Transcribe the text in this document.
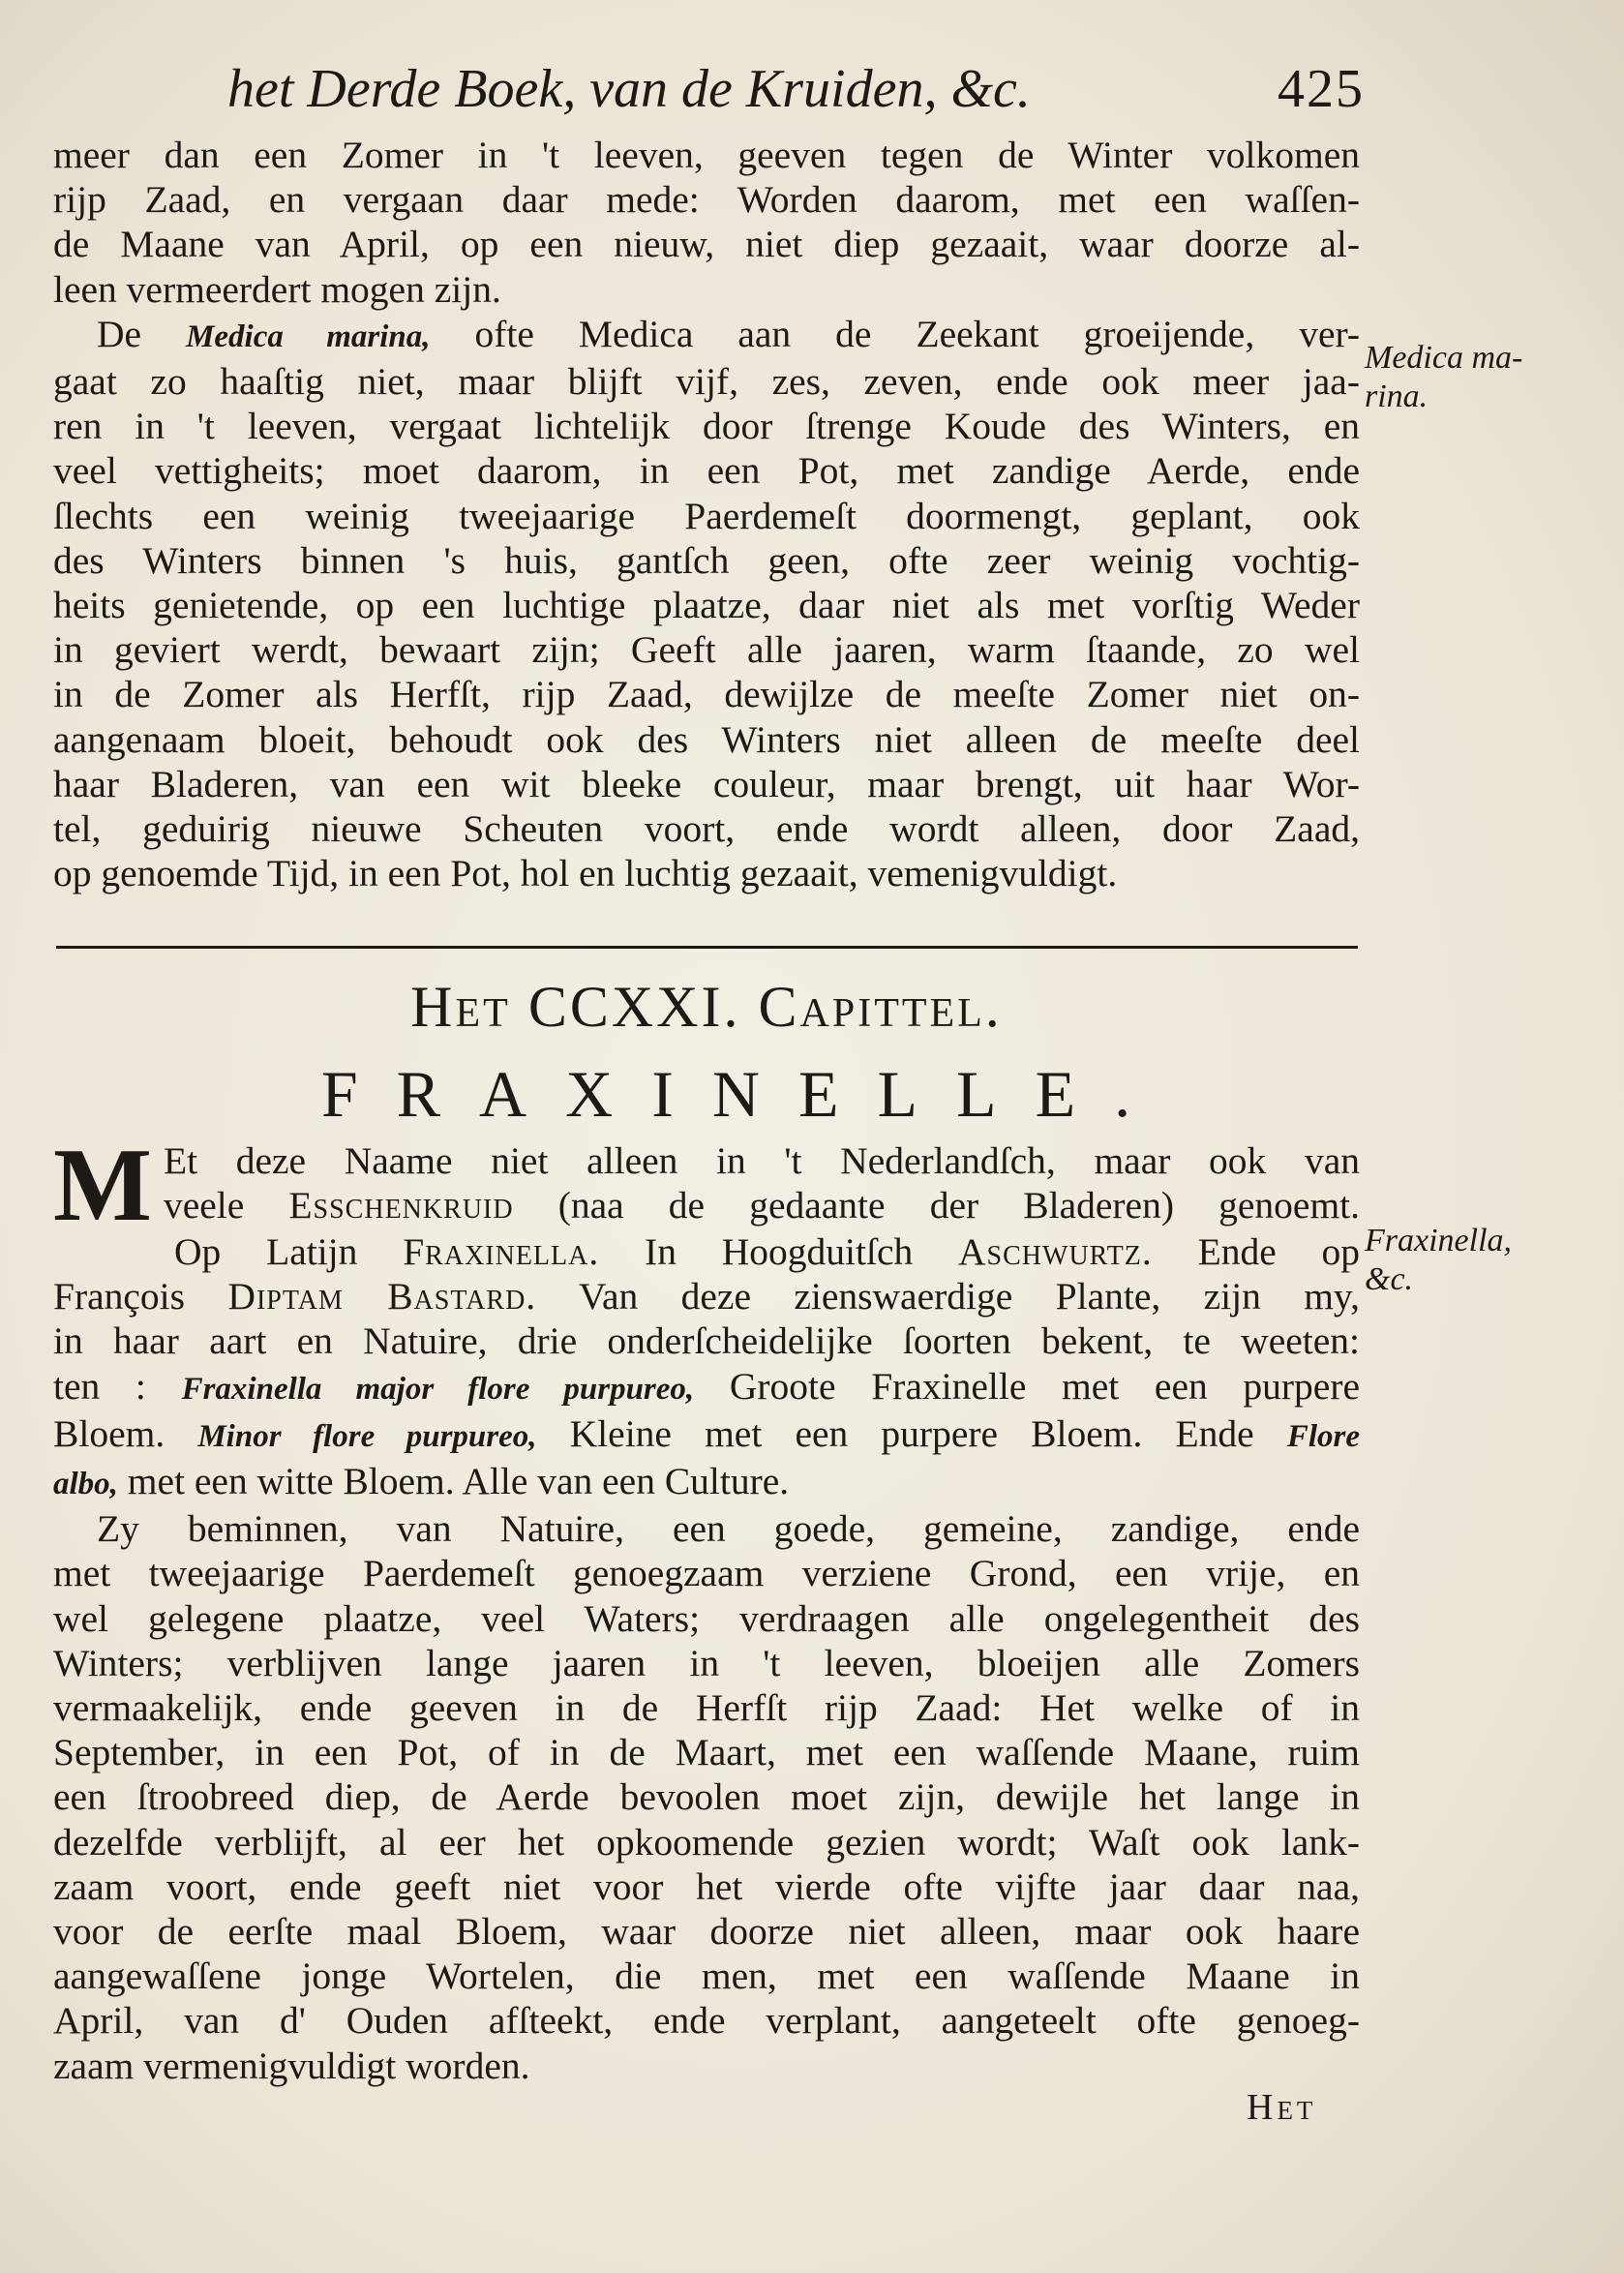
het Derde Boek, van de Kruiden, &c.	425

meer dan een Zomer in 't leeven, geeven tegen de Winter volkomen
rijp Zaad, en vergaan daar mede: Worden daarom, met een waſſen-
de Maane van April, op een nieuw, niet diep gezaait, waar doorze al-

leen vermeerdert mogen zijn.

De Medica marina, ofte Medica aan de Zeekant groeijende, ver-

gaat zo haaſtig niet, maar blijft vijf, zes, zeven, ende ook meer jaa-
ren in 't leeven, vergaat lichtelijk door ſtrenge Koude des Winters, en
veel vettigheits; moet daarom, in een Pot, met zandige Aerde, ende
ſlechts een weinig tweejaarige Paerdemeſt doormengt, geplant, ook
des Winters binnen 's huis, gantſch geen, ofte zeer weinig vochtig-
heits genietende, op een luchtige plaatze, daar niet als met vorſtig Weder
in geviert werdt, bewaart zijn; Geeft alle jaaren, warm ſtaande, zo wel
in de Zomer als Herfſt, rijp Zaad, dewijlze de meeſte Zomer niet on-
aangenaam bloeit, behoudt ook des Winters niet alleen de meeſte deel
haar Bladeren, van een wit bleeke couleur, maar brengt, uit haar Wor-
tel, geduirig nieuwe Scheuten voort, ende wordt alleen, door Zaad,

op genoemde Tijd, in een Pot, hol en luchtig gezaait, vemenigvuldigt.

Medica ma-
rina.
Het CCXXI. Capittel.
FRAXINELLE.
M Et deze Naame niet alleen in 't Nederlandſch, maar ook van
veele Esschenkruid (naa de gedaante der Bladeren) genoemt.

Op Latijn Fraxinella. In Hoogduitſch Aschwurtz. Ende op

François Diptam Bastard. Van deze zienswaerdige Plante, zijn my,
in haar aart en Natuire, drie onderſcheidelijke ſoorten bekent, te weeten:
ten : Fraxinella major flore purpureo, Groote Fraxinelle met een purpere
Bloem. Minor flore purpureo, Kleine met een purpere Bloem. Ende Flore

albo, met een witte Bloem. Alle van een Culture.

Zy beminnen, van Natuire, een goede, gemeine, zandige, ende

met tweejaarige Paerdemeſt genoegzaam verziene Grond, een vrije, en
wel gelegene plaatze, veel Waters; verdraagen alle ongelegentheit des
Winters; verblijven lange jaaren in 't leeven, bloeijen alle Zomers
vermaakelijk, ende geeven in de Herfſt rijp Zaad: Het welke of in
September, in een Pot, of in de Maart, met een waſſende Maane, ruim
een ſtroobreed diep, de Aerde bevoolen moet zijn, dewijle het lange in
dezelfde verblijft, al eer het opkoomende gezien wordt; Waſt ook lank-
zaam voort, ende geeft niet voor het vierde ofte vijfte jaar daar naa,
voor de eerſte maal Bloem, waar doorze niet alleen, maar ook haare
aangewaſſene jonge Wortelen, die men, met een waſſende Maane in
April, van d' Ouden afſteekt, ende verplant, aangeteelt ofte genoeg-

zaam vermenigvuldigt worden.

Fraxinella,
&c.
Het
